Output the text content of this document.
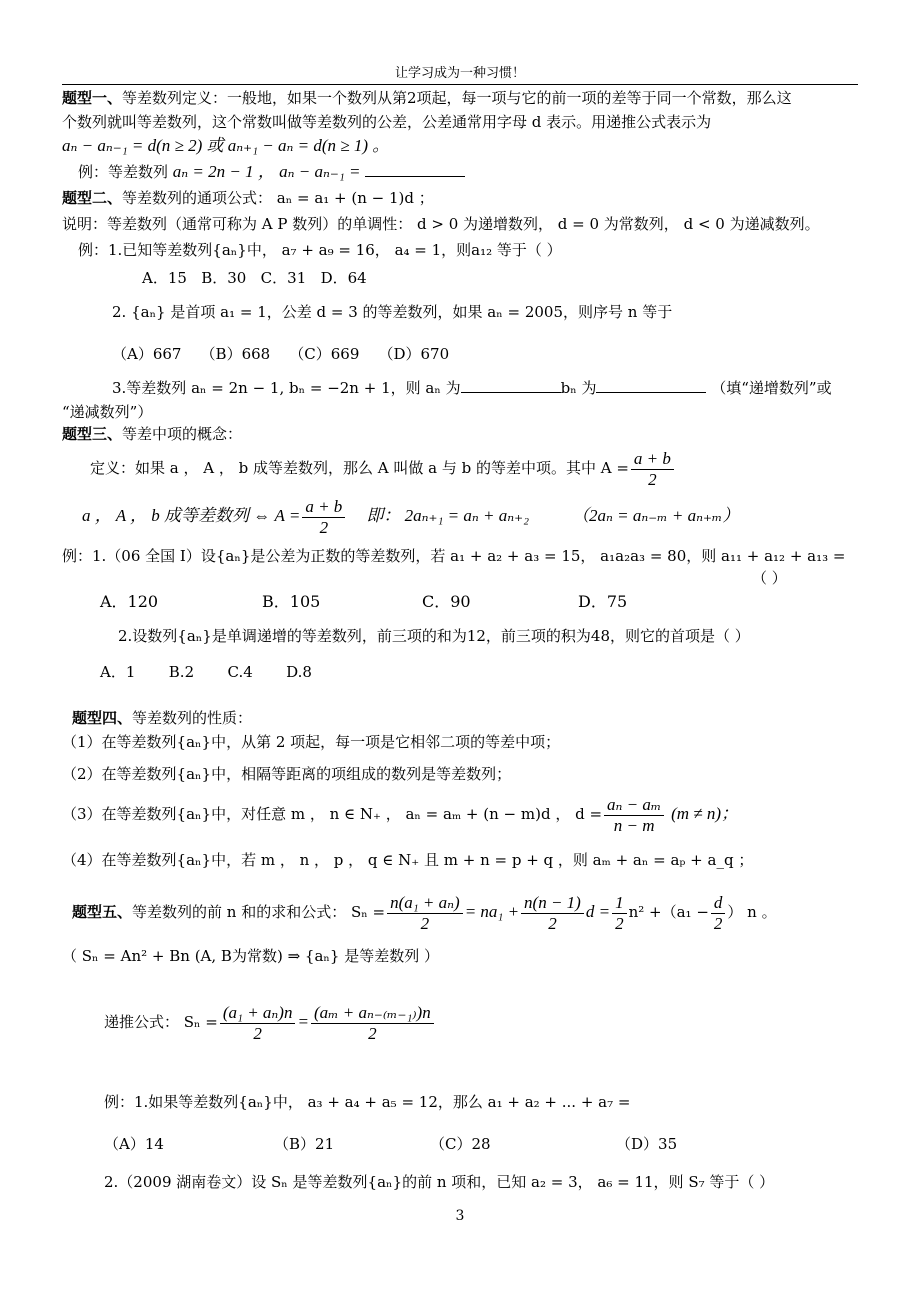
让学习成为一种习惯！
题型一、等差数列定义：一般地，如果一个数列从第2项起，每一项与它的前一项的差等于同一个常数，那么这
个数列就叫等差数列，这个常数叫做等差数列的公差，公差通常用字母 d 表示。用递推公式表示为
aₙ − aₙ₋₁ = d(n ≥ 2) 或 aₙ₊₁ − aₙ = d(n ≥ 1) 。
例：等差数列 aₙ = 2n − 1 ， aₙ − aₙ₋₁ =
题型二、等差数列的通项公式： aₙ = a₁ + (n − 1)d ；
说明：等差数列（通常可称为 A P 数列）的单调性： d > 0 为递增数列， d = 0 为常数列， d < 0 为递减数列。
例：1.已知等差数列{aₙ}中， a₇ + a₉ = 16， a₄ = 1，则a₁₂ 等于（ ）
A．15 B．30 C．31 D．64
2. {aₙ} 是首项 a₁ = 1，公差 d = 3 的等差数列，如果 aₙ = 2005，则序号 n 等于
（A）667 （B）668 （C）669 （D）670
3.等差数列 aₙ = 2n − 1, bₙ = −2n + 1，则 aₙ 为	bₙ 为	（填“递增数列”或
“递减数列”）
题型三、等差中项的概念：
定义：如果 a ， A ， b 成等差数列，那么 A 叫做 a 与 b 的等差中项。其中 $A = \frac{a + b}{2}$
a ， A ， b 成等差数列 ⇔ $A = \frac{a + b}{2}$ 即： 2aₙ₊₁ = aₙ + aₙ₊₂	（2aₙ = aₙ₋ₘ + aₙ₊ₘ）
例：1.（06 全国 I）设{aₙ}是公差为正数的等差数列，若 a₁ + a₂ + a₃ = 15， a₁a₂a₃ = 80，则 a₁₁ + a₁₂ + a₁₃ =
（ ）
A．120	B．105	C．90	D．75
2.设数列{aₙ}是单调递增的等差数列，前三项的和为12，前三项的积为48，则它的首项是（ ）
A．1 B.2 C.4 D.8
题型四、等差数列的性质：
（1）在等差数列{aₙ}中，从第 2 项起，每一项是它相邻二项的等差中项；
（2）在等差数列{aₙ}中，相隔等距离的项组成的数列是等差数列；
（3）在等差数列{aₙ}中，对任意 m ， n ∈ N₊ ， aₙ = aₘ + (n − m)d ， $d = \frac{\text{aₙ − aₘ}}{n - m} (m \ne n)$；
（4）在等差数列{aₙ}中，若 m ， n ， p ， q ∈ N₊ 且 m + n = p + q ，则 aₘ + aₙ = aₚ + a_q ；
题型五、等差数列的前 n 和的求和公式： $S_n = \frac{\text{n(a₁ + aₙ)}}{2} = na_1 + \frac{n(n - 1)}{2}$ $d = \frac{1}{2} n^2 +(a_1 - \frac{d}{2}$ ） n 。
（ Sₙ = An² + Bn (A, B为常数) ⇒ {aₙ} 是等差数列 ）
递推公式： $S_n = \frac{\text{(a₁ + aₙ)n}}{2} = \frac{\text{(aₘ + aₙ₋₍ₘ₋₁₎)n}}{2}$
例：1.如果等差数列{aₙ}中， a₃ + a₄ + a₅ = 12，那么 a₁ + a₂ + ... + a₇ =
（A）14	（B）21	（C）28	（D）35
2.（2009 湖南卷文）设 Sₙ 是等差数列{aₙ}的前 n 项和，已知 a₂ = 3， a₆ = 11，则 S₇ 等于（ ）
3
